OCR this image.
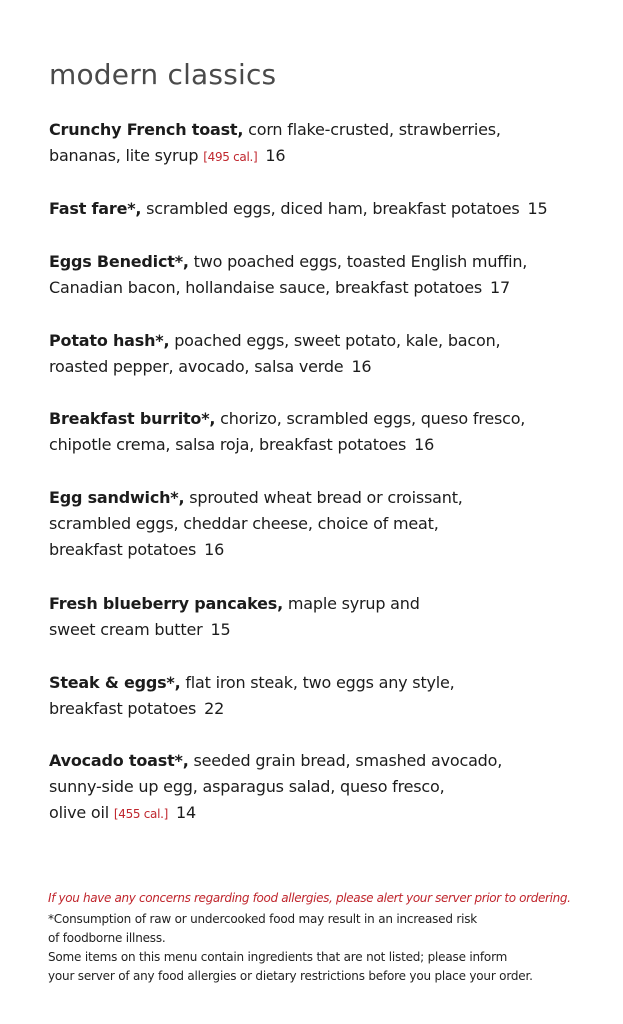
modern classics
Crunchy French toast, corn flake-crusted, strawberries,
bananas, lite syrup [495 cal.] 16
Fast fare*, scrambled eggs, diced ham, breakfast potatoes 15
Eggs Benedict*, two poached eggs, toasted English muffin,
Canadian bacon, hollandaise sauce, breakfast potatoes 17
Potato hash*, poached eggs, sweet potato, kale, bacon,
roasted pepper, avocado, salsa verde 16
Breakfast burrito*, chorizo, scrambled eggs, queso fresco,
chipotle crema, salsa roja, breakfast potatoes 16
Egg sandwich*, sprouted wheat bread or croissant,
scrambled eggs, cheddar cheese, choice of meat,
breakfast potatoes 16
Fresh blueberry pancakes, maple syrup and
sweet cream butter 15
Steak & eggs*, flat iron steak, two eggs any style,
breakfast potatoes 22
Avocado toast*, seeded grain bread, smashed avocado,
sunny-side up egg, asparagus salad, queso fresco,
olive oil [455 cal.] 14

If you have any concerns regarding food allergies, please alert your server prior to ordering.

*Consumption of raw or undercooked food may result in an increased risk

of foodborne illness.

Some items on this menu contain ingredients that are not listed; please inform

your server of any food allergies or dietary restrictions before you place your order.
